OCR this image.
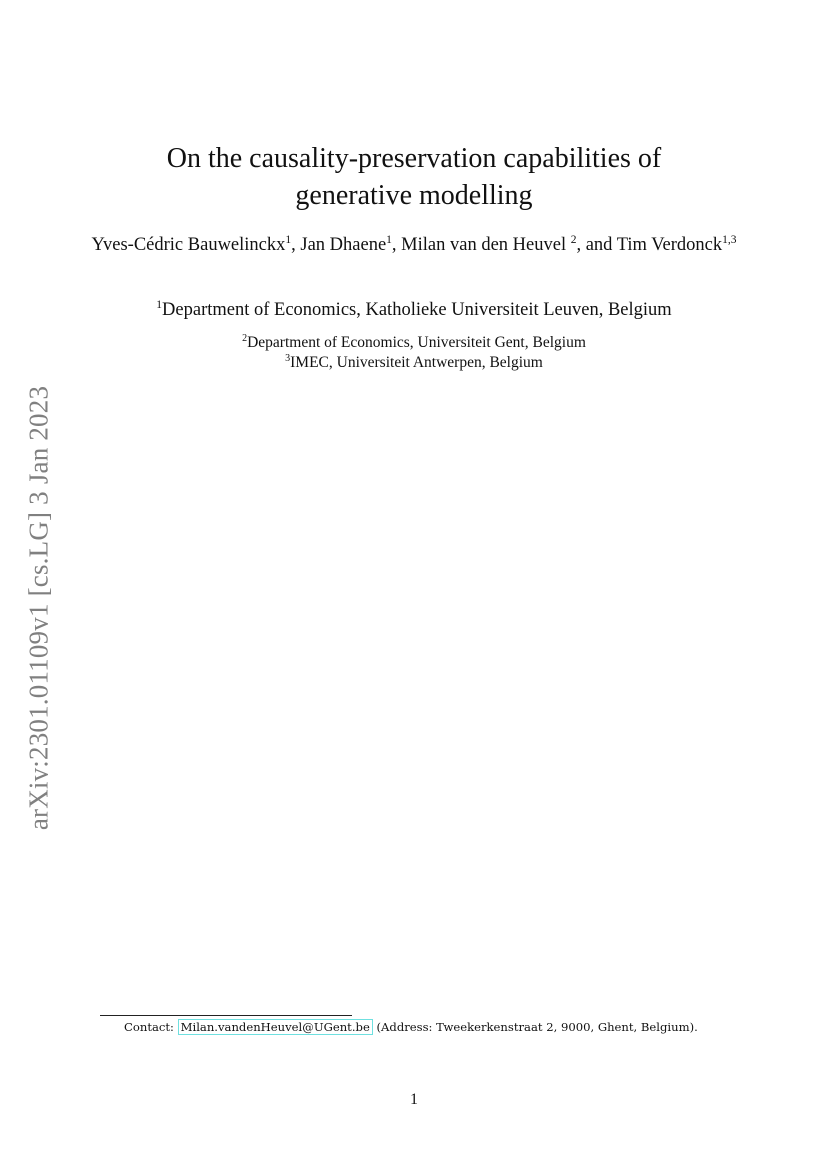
arXiv:2301.01109v1 [cs.LG] 3 Jan 2023
On the causality-preservation capabilities of
generative modelling
Yves-Cédric Bauwelinckx$^1$, Jan Dhaene$^1$, Milan van den Heuvel $^2$, and Tim Verdonck$^{1,3}$
$^1$Department of Economics, Katholieke Universiteit Leuven, Belgium
$^2$Department of Economics, Universiteit Gent, Belgium
$^3$IMEC, Universiteit Antwerpen, Belgium
Contact: Milan.vandenHeuvel@UGent.be (Address: Tweekerkenstraat 2, 9000, Ghent, Belgium).
1
